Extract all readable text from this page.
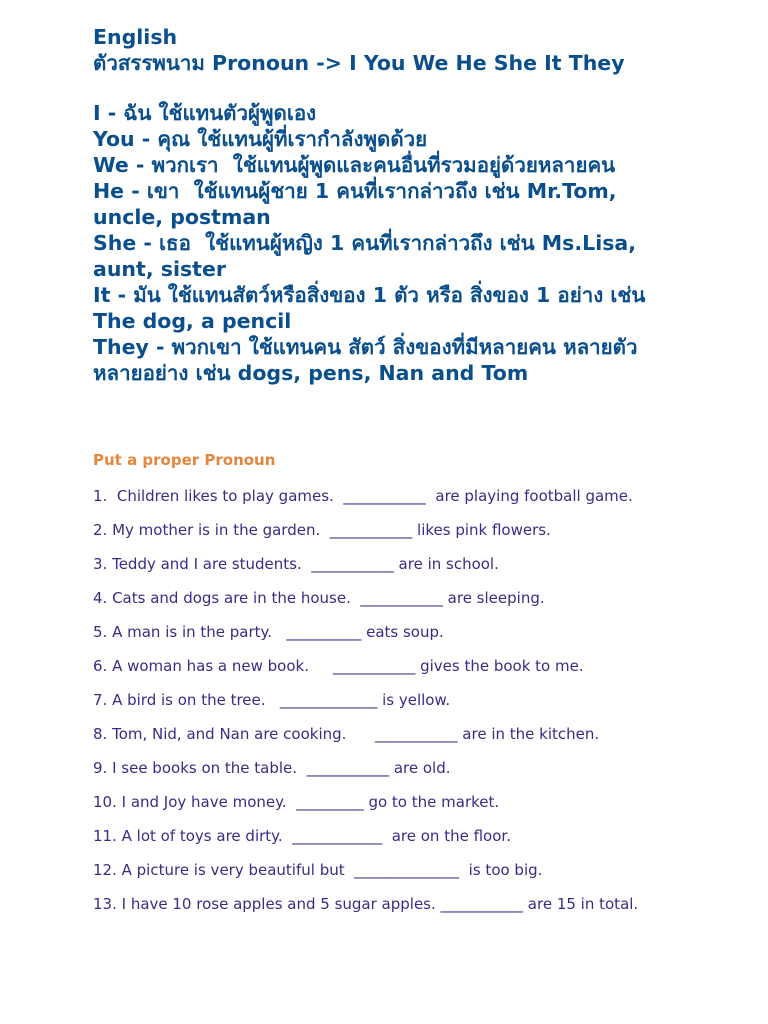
English
ตัวสรรพนาม Pronoun -> I You We He She It They
I - ฉัน ใช้แทนตัวผู้พูดเอง
You - คุณ ใช้แทนผู้ที่เรากำลังพูดด้วย
We - พวกเรา  ใช้แทนผู้พูดและคนอื่นที่รวมอยู่ด้วยหลายคน
He - เขา  ใช้แทนผู้ชาย 1 คนที่เรากล่าวถึง เช่น Mr.Tom, uncle, postman
She - เธอ  ใช้แทนผู้หญิง 1 คนที่เรากล่าวถึง เช่น Ms.Lisa, aunt, sister
It - มัน ใช้แทนสัตว์หรือสิ่งของ 1 ตัว หรือ สิ่งของ 1 อย่าง เช่น The dog, a pencil
They - พวกเขา ใช้แทนคน สัตว์ สิ่งของที่มีหลายคน หลายตัว หลายอย่าง เช่น dogs, pens, Nan and Tom
Put a proper Pronoun
1.  Children likes to play games.  ___________  are playing football game.
2. My mother is in the garden.  ___________ likes pink flowers.
3. Teddy and I are students.  ___________ are in school.
4. Cats and dogs are in the house.  ___________ are sleeping.
5. A man is in the party.   __________ eats soup.
6. A woman has a new book.     ___________ gives the book to me.
7. A bird is on the tree.   _____________ is yellow.
8. Tom, Nid, and Nan are cooking.      ___________ are in the kitchen.
9. I see books on the table.  ___________ are old.
10. I and Joy have money.  _________ go to the market.
11. A lot of toys are dirty.  ____________  are on the floor.
12. A picture is very beautiful but  ______________  is too big.
13. I have 10 rose apples and 5 sugar apples. ___________ are 15 in total.
